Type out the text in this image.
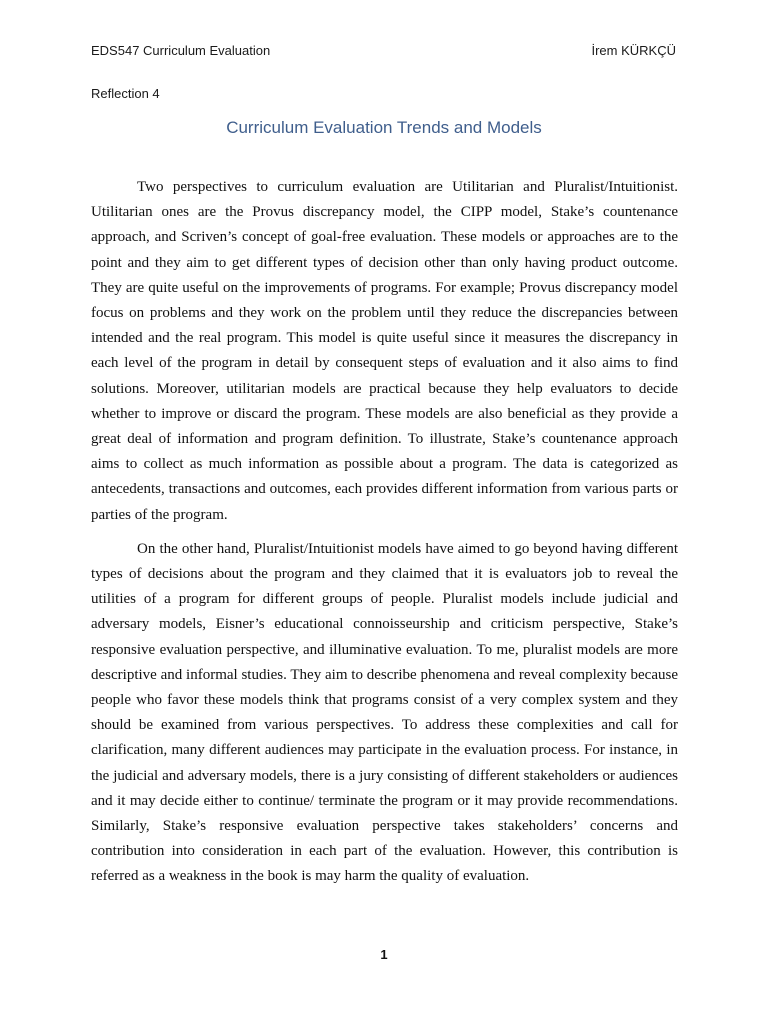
EDS547 Curriculum Evaluation	İrem KÜRKÇÜ
Reflection 4
Curriculum Evaluation Trends and Models

Two perspectives to curriculum evaluation are Utilitarian and Pluralist/Intuitionist. Utilitarian ones are the Provus discrepancy model, the CIPP model, Stake’s countenance approach, and Scriven’s concept of goal-free evaluation. These models or approaches are to the point and they aim to get different types of decision other than only having product outcome. They are quite useful on the improvements of programs. For example; Provus discrepancy model focus on problems and they work on the problem until they reduce the discrepancies between intended and the real program. This model is quite useful since it measures the discrepancy in each level of the program in detail by consequent steps of evaluation and it also aims to find solutions. Moreover, utilitarian models are practical because they help evaluators to decide whether to improve or discard the program. These models are also beneficial as they provide a great deal of information and program definition. To illustrate, Stake’s countenance approach aims to collect as much information as possible about a program. The data is categorized as antecedents, transactions and outcomes, each provides different information from various parts or parties of the program.

On the other hand, Pluralist/Intuitionist models have aimed to go beyond having different types of decisions about the program and they claimed that it is evaluators job to reveal the utilities of a program for different groups of people. Pluralist models include judicial and adversary models, Eisner’s educational connoisseurship and criticism perspective, Stake’s responsive evaluation perspective, and illuminative evaluation. To me, pluralist models are more descriptive and informal studies. They aim to describe phenomena and reveal complexity because people who favor these models think that programs consist of a very complex system and they should be examined from various perspectives. To address these complexities and call for clarification, many different audiences may participate in the evaluation process. For instance, in the judicial and adversary models, there is a jury consisting of different stakeholders or audiences and it may decide either to continue/ terminate the program or it may provide recommendations. Similarly, Stake’s responsive evaluation perspective takes stakeholders’ concerns and contribution into consideration in each part of the evaluation. However, this contribution is referred as a weakness in the book is may harm the quality of evaluation.

1
